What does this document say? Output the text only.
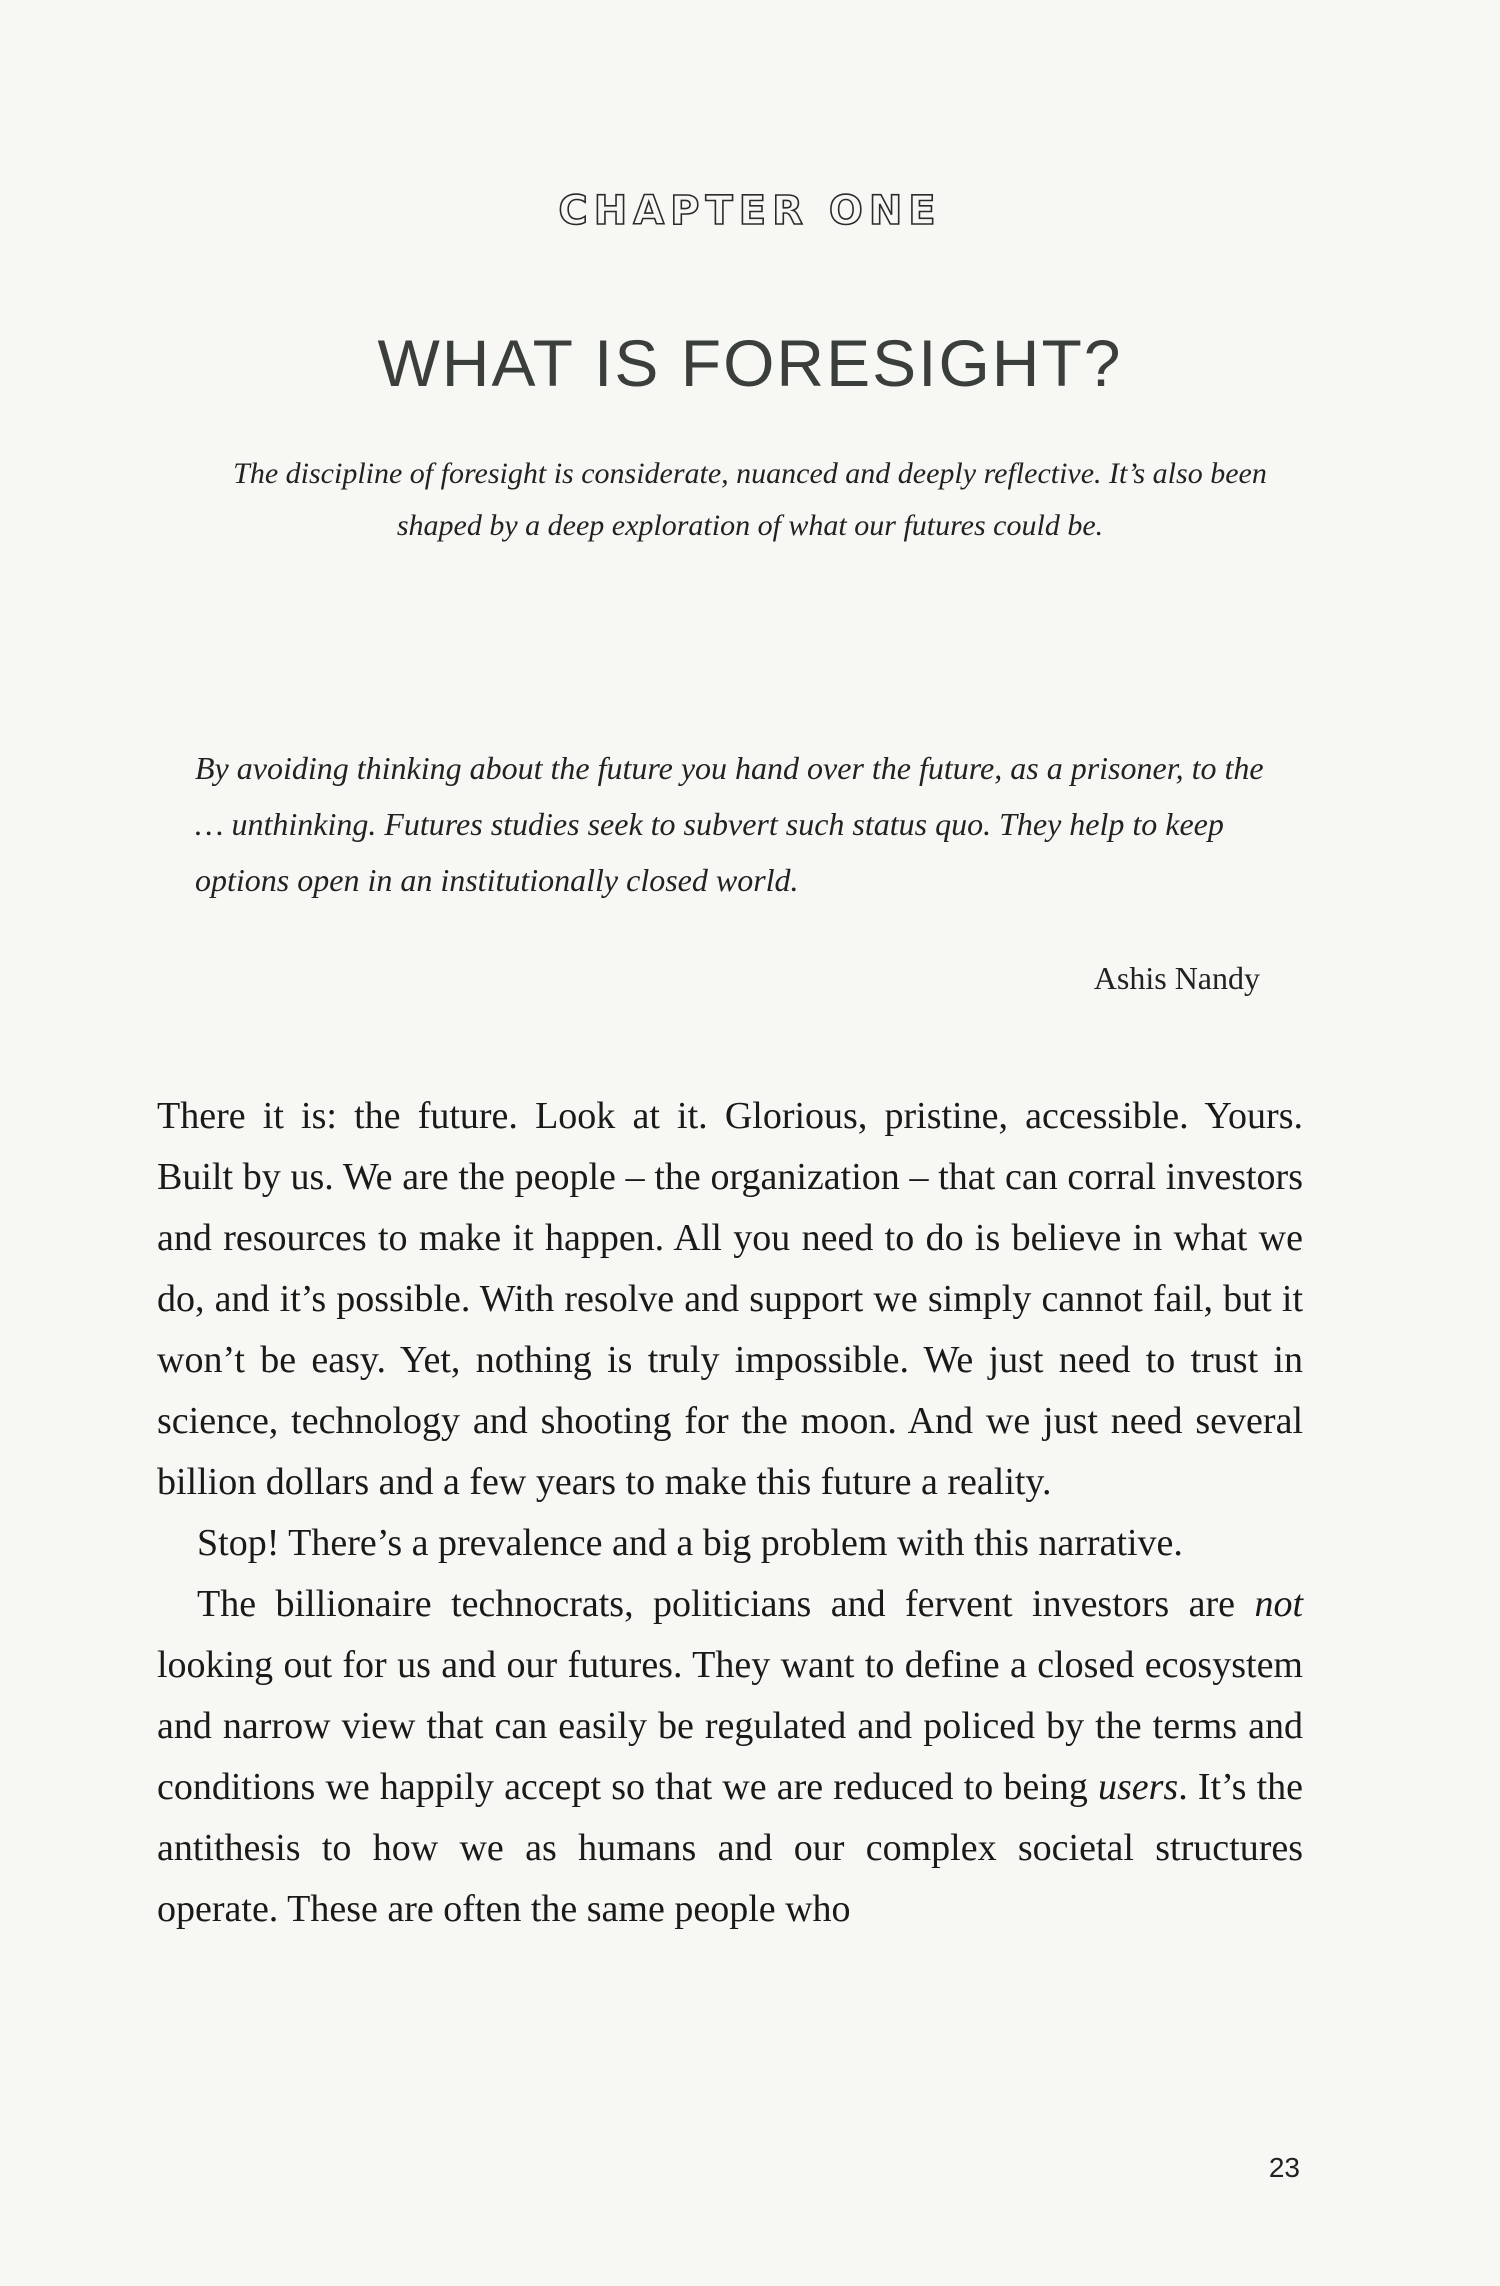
CHAPTER ONE
WHAT IS FORESIGHT?
The discipline of foresight is considerate, nuanced and deeply reflective. It’s also been shaped by a deep exploration of what our futures could be.
By avoiding thinking about the future you hand over the future, as a prisoner, to the … unthinking. Futures studies seek to subvert such status quo. They help to keep options open in an institutionally closed world.
Ashis Nandy

There it is: the future. Look at it. Glorious, pristine, accessible. Yours. Built by us. We are the people – the organization – that can corral investors and resources to make it happen. All you need to do is believe in what we do, and it’s possible. With resolve and support we simply cannot fail, but it won’t be easy. Yet, nothing is truly impossible. We just need to trust in science, technology and shooting for the moon. And we just need several billion dollars and a few years to make this future a reality.

Stop! There’s a prevalence and a big problem with this narrative.

The billionaire technocrats, politicians and fervent investors are not looking out for us and our futures. They want to define a closed ecosystem and narrow view that can easily be regulated and policed by the terms and conditions we happily accept so that we are reduced to being users. It’s the antithesis to how we as humans and our complex societal structures operate. These are often the same people who

23
